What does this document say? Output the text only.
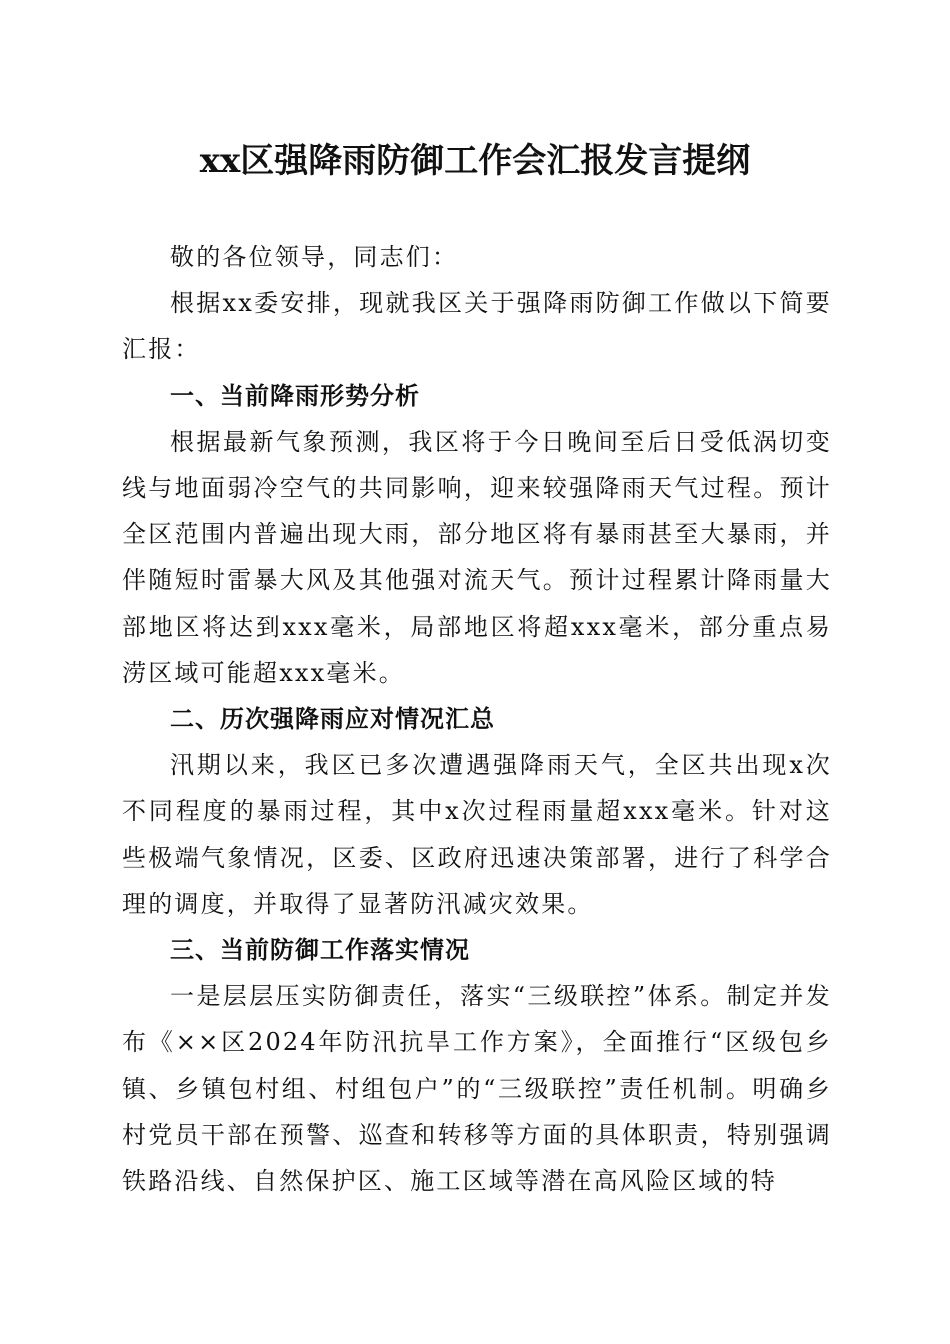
xx区强降雨防御工作会汇报发言提纲

敬的各位领导，同志们：

根据xx委安排，现就我区关于强降雨防御工作做以下简要汇报：

一、当前降雨形势分析

根据最新气象预测，我区将于今日晚间至后日受低涡切变线与地面弱冷空气的共同影响，迎来较强降雨天气过程。预计全区范围内普遍出现大雨，部分地区将有暴雨甚至大暴雨，并伴随短时雷暴大风及其他强对流天气。预计过程累计降雨量大部地区将达到xxx毫米，局部地区将超xxx毫米，部分重点易涝区域可能超xxx毫米。

二、历次强降雨应对情况汇总

汛期以来，我区已多次遭遇强降雨天气，全区共出现x次不同程度的暴雨过程，其中x次过程雨量超xxx毫米。针对这些极端气象情况，区委、区政府迅速决策部署，进行了科学合理的调度，并取得了显著防汛减灾效果。

三、当前防御工作落实情况

一是层层压实防御责任，落实“三级联控”体系。制定并发布《××区2024年防汛抗旱工作方案》，全面推行“区级包乡镇、乡镇包村组、村组包户”的“三级联控”责任机制。明确乡村党员干部在预警、巡查和转移等方面的具体职责，特别强调铁路沿线、自然保护区、施工区域等潜在高风险区域的特
